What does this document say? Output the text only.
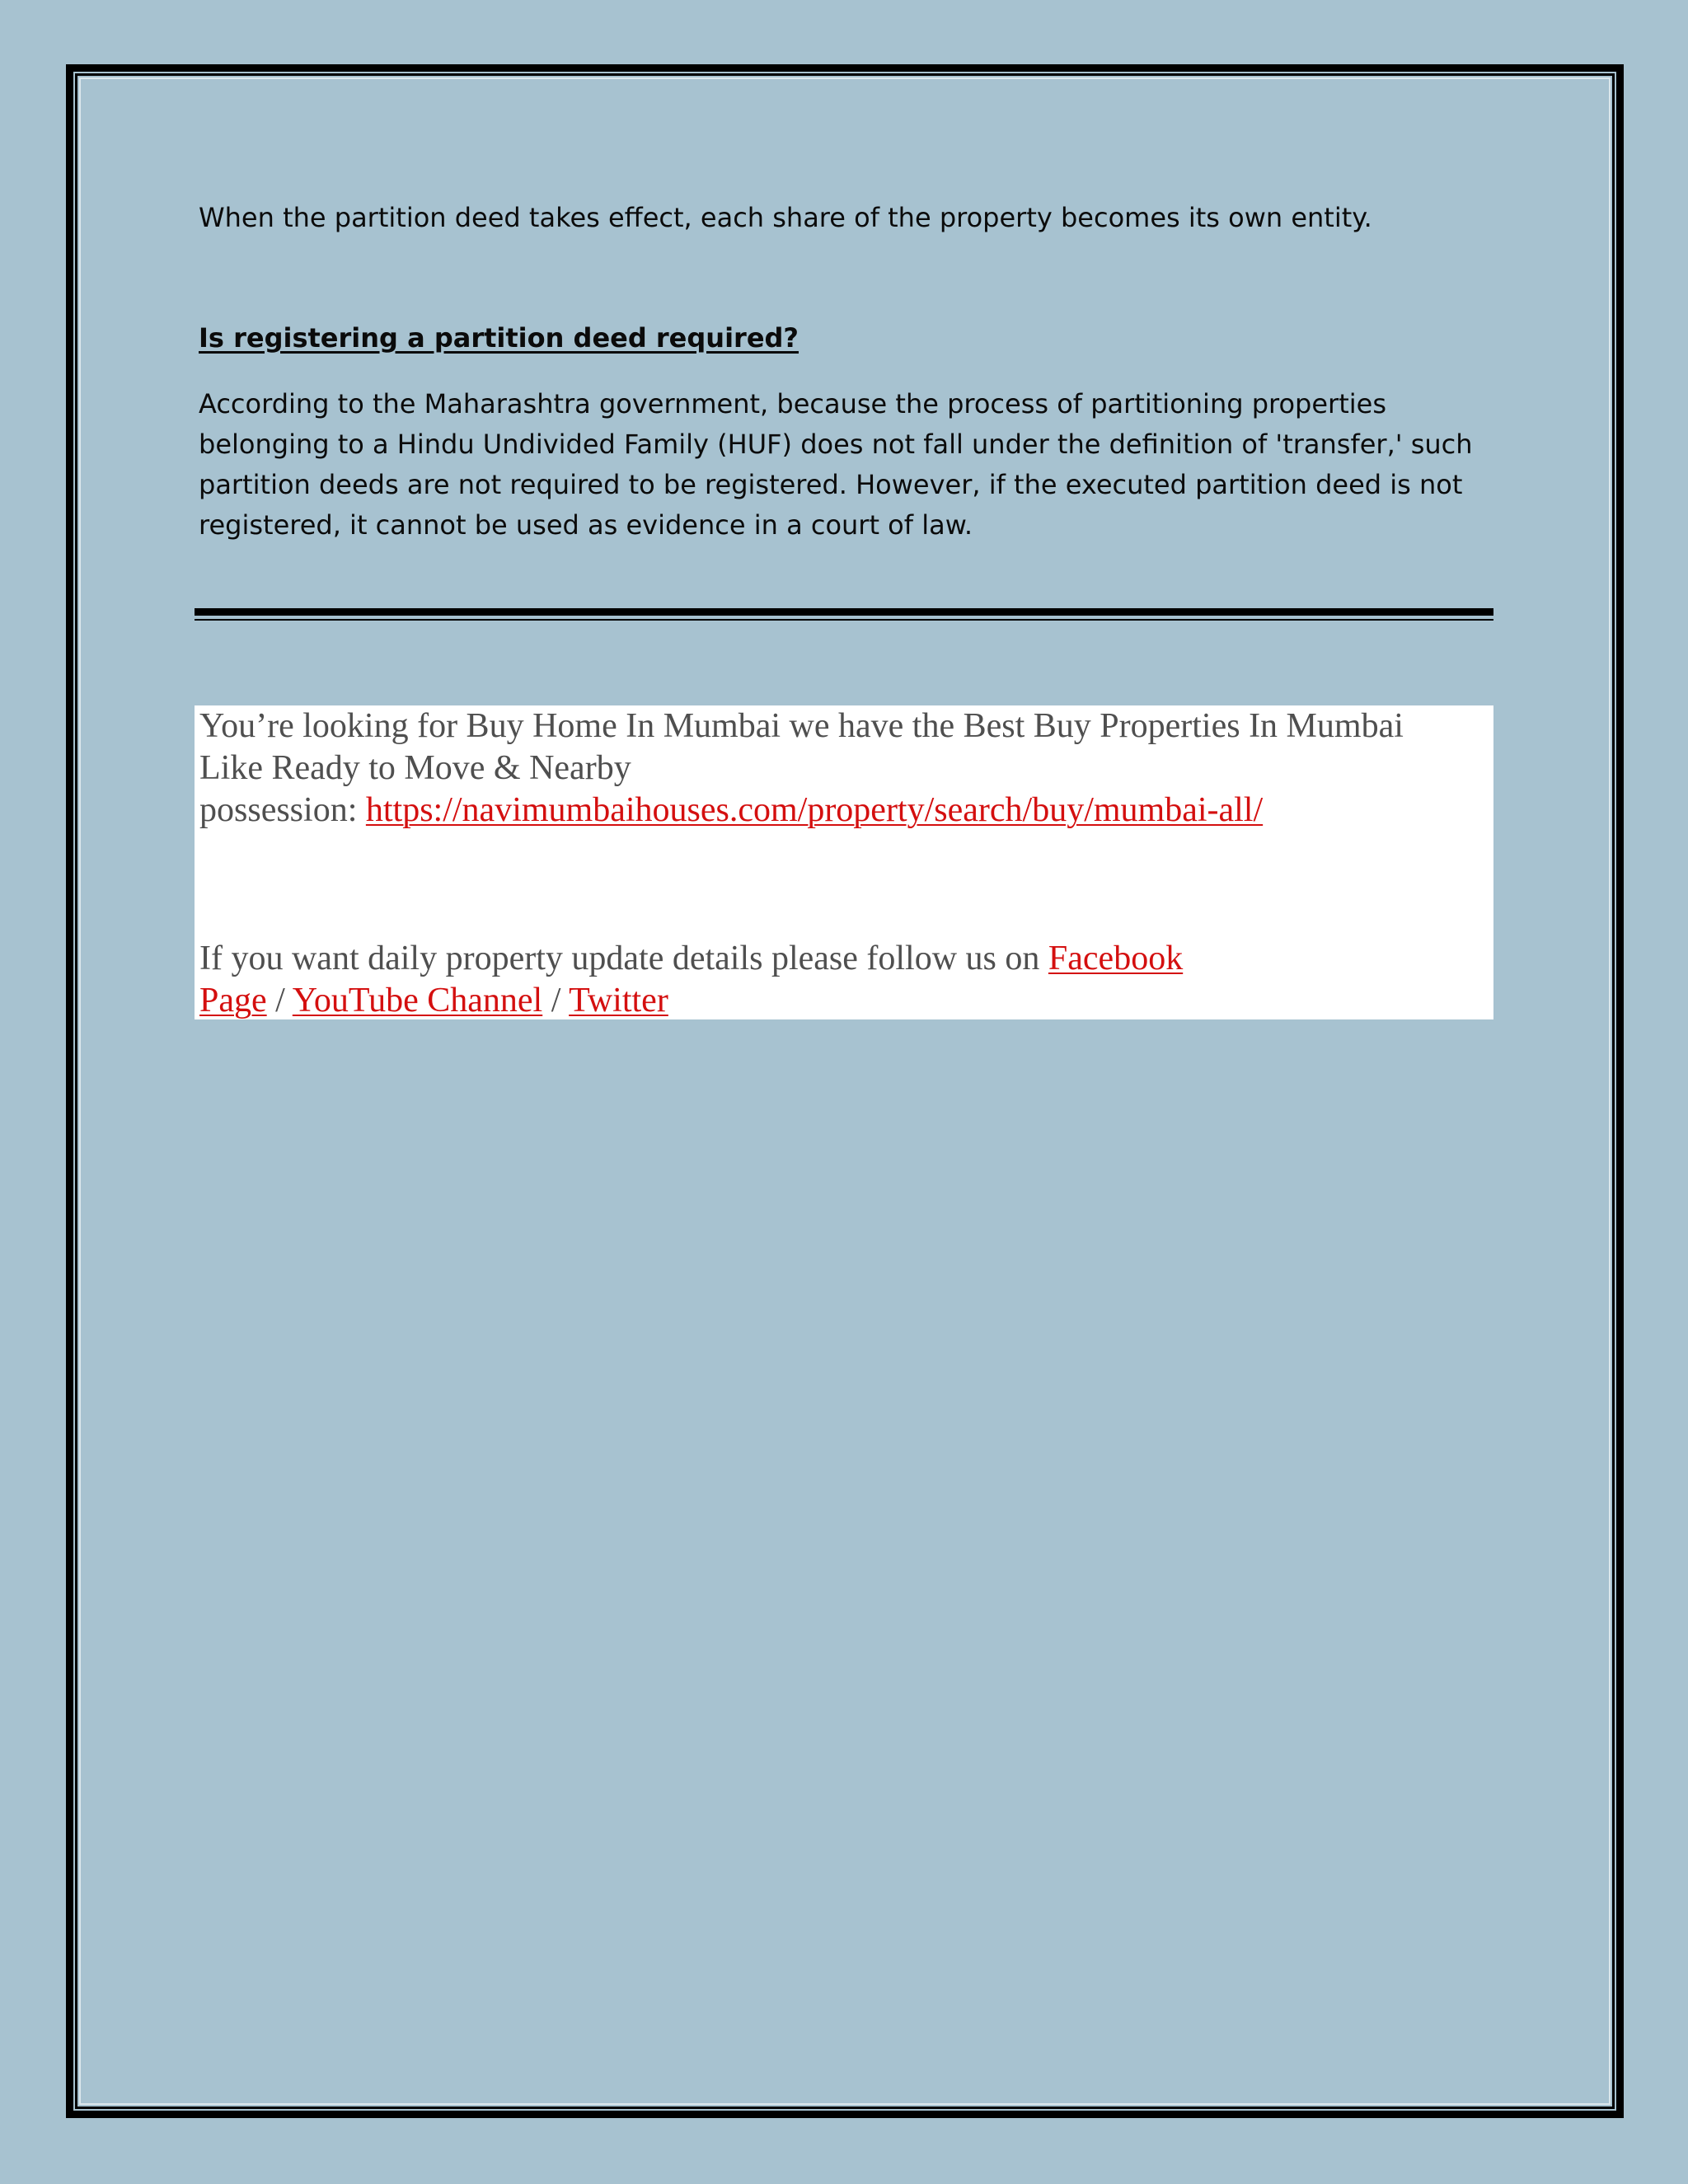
When the partition deed takes effect, each share of the property becomes its own entity.

Is registering a partition deed required?

According to the Maharashtra government, because the process of partitioning properties belonging to a Hindu Undivided Family (HUF) does not fall under the definition of 'transfer,' such partition deeds are not required to be registered. However, if the executed partition deed is not registered, it cannot be used as evidence in a court of law.

You’re looking for Buy Home In Mumbai we have the Best Buy Properties In Mumbai
Like Ready to Move & Nearby
possession: https://navimumbaihouses.com/property/search/buy/mumbai-all/

If you want daily property update details please follow us on Facebook
Page / YouTube Channel / Twitter
